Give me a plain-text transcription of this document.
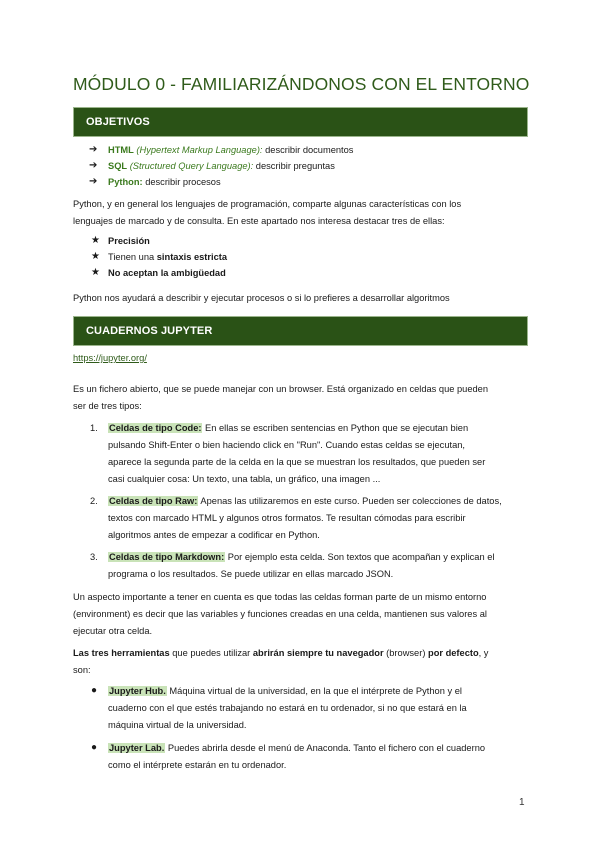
MÓDULO 0 - FAMILIARIZÁNDONOS CON EL ENTORNO
OBJETIVOS
➔ HTML (Hypertext Markup Language): describir documentos
➔ SQL (Structured Query Language): describir preguntas
➔ Python: describir procesos
Python, y en general los lenguajes de programación, comparte algunas características con los
lenguajes de marcado y de consulta. En este apartado nos interesa destacar tres de ellas:
★ Precisión
★ Tienen una sintaxis estricta
★ No aceptan la ambigüedad
Python nos ayudará a describir y ejecutar procesos o si lo prefieres a desarrollar algoritmos
CUADERNOS JUPYTER
https://jupyter.org/
Es un fichero abierto, que se puede manejar con un browser. Está organizado en celdas que pueden
ser de tres tipos:
1. Celdas de tipo Code: En ellas se escriben sentencias en Python que se ejecutan bien
pulsando Shift-Enter o bien haciendo click en "Run". Cuando estas celdas se ejecutan,
aparece la segunda parte de la celda en la que se muestran los resultados, que pueden ser
casi cualquier cosa: Un texto, una tabla, un gráfico, una imagen ...
2. Celdas de tipo Raw: Apenas las utilizaremos en este curso. Pueden ser colecciones de datos,
textos con marcado HTML y algunos otros formatos. Te resultan cómodas para escribir
algoritmos antes de empezar a codificar en Python.
3. Celdas de tipo Markdown: Por ejemplo esta celda. Son textos que acompañan y explican el
programa o los resultados. Se puede utilizar en ellas marcado JSON.
Un aspecto importante a tener en cuenta es que todas las celdas forman parte de un mismo entorno
(environment) es decir que las variables y funciones creadas en una celda, mantienen sus valores al
ejecutar otra celda.
Las tres herramientas que puedes utilizar abrirán siempre tu navegador (browser) por defecto, y
son:
● Jupyter Hub. Máquina virtual de la universidad, en la que el intérprete de Python y el
cuaderno con el que estés trabajando no estará en tu ordenador, si no que estará en la
máquina virtual de la universidad.
● Jupyter Lab. Puedes abrirla desde el menú de Anaconda. Tanto el fichero con el cuaderno
como el intérprete estarán en tu ordenador.
1
